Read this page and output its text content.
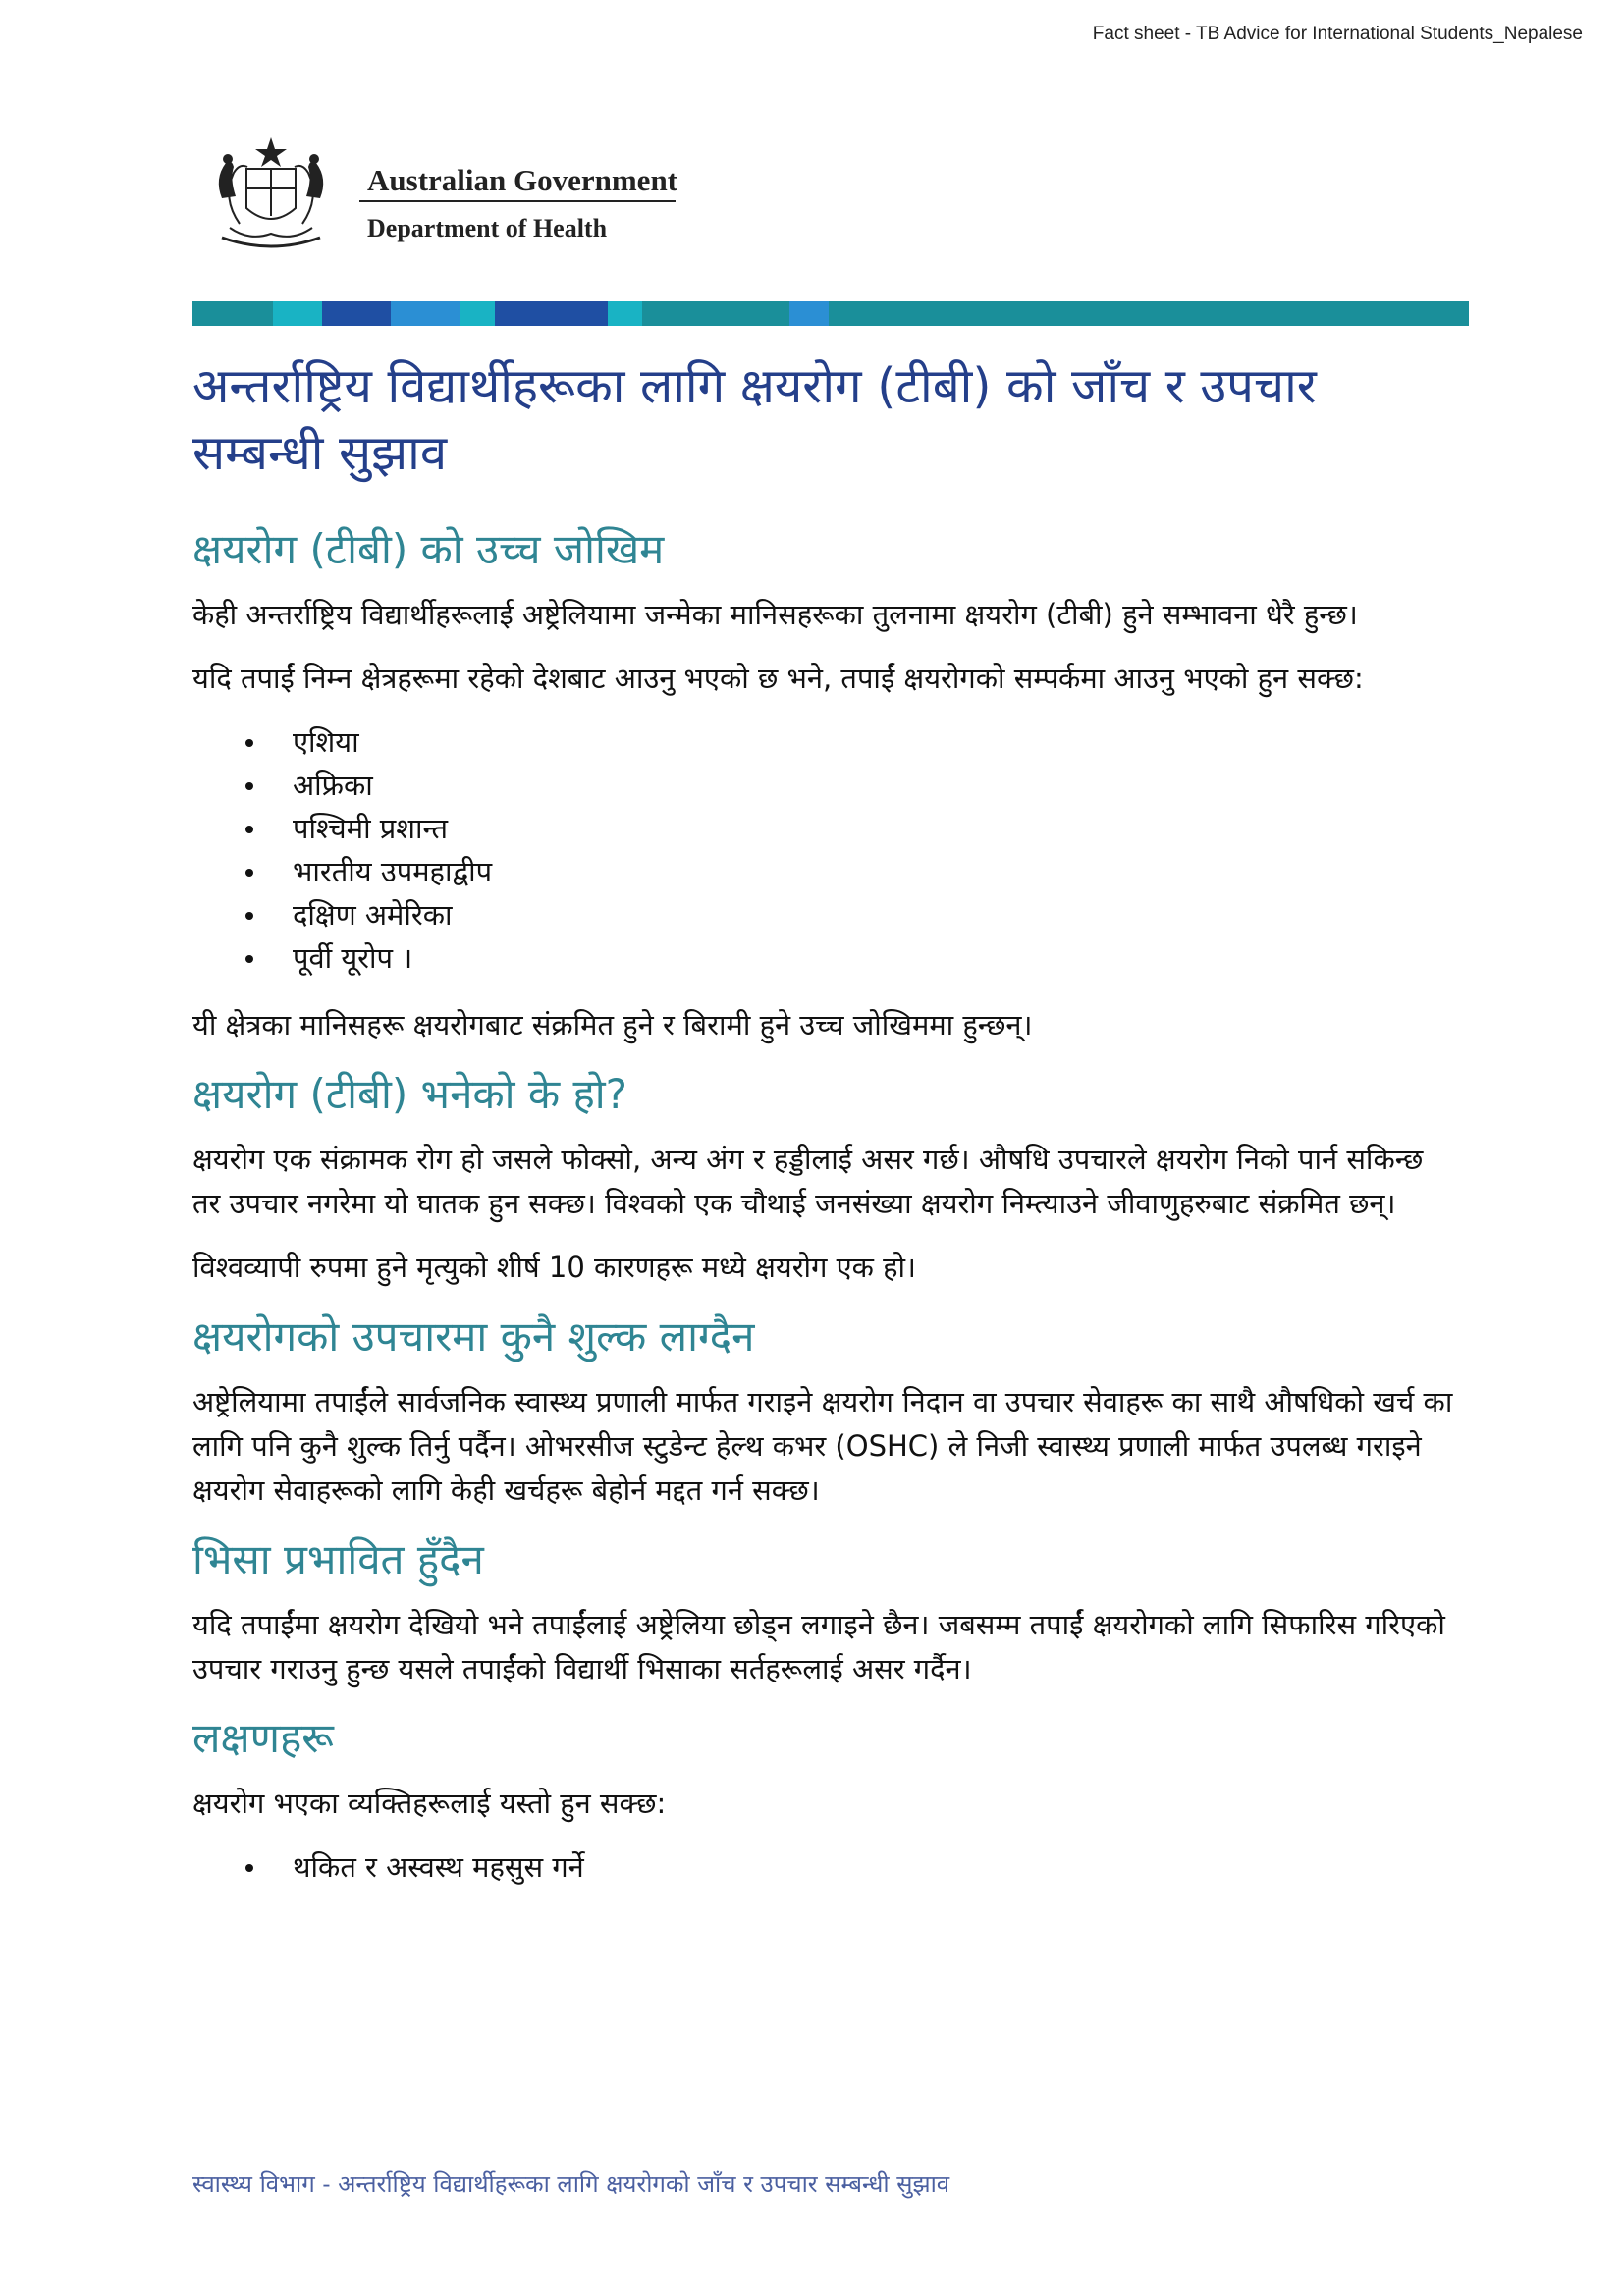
Fact sheet - TB Advice for International Students_Nepalese
Australian Government
Department of Health
अन्तर्राष्ट्रिय विद्यार्थीहरूका लागि क्षयरोग (टीबी) को जाँच र उपचार सम्बन्धी सुझाव
क्षयरोग (टीबी) को उच्च जोखिम

केही अन्तर्राष्ट्रिय विद्यार्थीहरूलाई अष्ट्रेलियामा जन्मेका मानिसहरूका तुलनामा क्षयरोग (टीबी) हुने सम्भावना धेरै हुन्छ।

यदि तपाईं निम्न क्षेत्रहरूमा रहेको देशबाट आउनु भएको छ भने, तपाईं क्षयरोगको सम्पर्कमा आउनु भएको हुन सक्छ:

एशिया
अफ्रिका
पश्चिमी प्रशान्त
भारतीय उपमहाद्वीप
दक्षिण अमेरिका
पूर्वी यूरोप ।

यी क्षेत्रका मानिसहरू क्षयरोगबाट संक्रमित हुने र बिरामी हुने उच्च जोखिममा हुन्छन्।

क्षयरोग (टीबी) भनेको के हो?

क्षयरोग एक संक्रामक रोग हो जसले फोक्सो, अन्य अंग र हड्डीलाई असर गर्छ। औषधि उपचारले क्षयरोग निको पार्न सकिन्छ तर उपचार नगरेमा यो घातक हुन सक्छ। विश्वको एक चौथाई जनसंख्या क्षयरोग निम्त्याउने जीवाणुहरुबाट संक्रमित छन्।

विश्वव्यापी रुपमा हुने मृत्युको शीर्ष 10 कारणहरू मध्ये क्षयरोग एक हो।

क्षयरोगको उपचारमा कुनै शुल्क लाग्दैन

अष्ट्रेलियामा तपाईंले सार्वजनिक स्वास्थ्य प्रणाली मार्फत गराइने क्षयरोग निदान वा उपचार सेवाहरू का साथै औषधिको खर्च का लागि पनि कुनै शुल्क तिर्नु पर्दैन। ओभरसीज स्टुडेन्ट हेल्थ कभर (OSHC) ले निजी स्वास्थ्य प्रणाली मार्फत उपलब्ध गराइने क्षयरोग सेवाहरूको लागि केही खर्चहरू बेहोर्न मद्दत गर्न सक्छ।

भिसा प्रभावित हुँदैन

यदि तपाईंमा क्षयरोग देखियो भने तपाईंलाई अष्ट्रेलिया छोड्न लगाइने छैन। जबसम्म तपाईं क्षयरोगको लागि सिफारिस गरिएको उपचार गराउनु हुन्छ यसले तपाईंको विद्यार्थी भिसाका सर्तहरूलाई असर गर्दैन।

लक्षणहरू

क्षयरोग भएका व्यक्तिहरूलाई यस्तो हुन सक्छ:

थकित र अस्वस्थ महसुस गर्ने
स्वास्थ्य विभाग - अन्तर्राष्ट्रिय विद्यार्थीहरूका लागि क्षयरोगको जाँच र उपचार सम्बन्धी सुझाव
